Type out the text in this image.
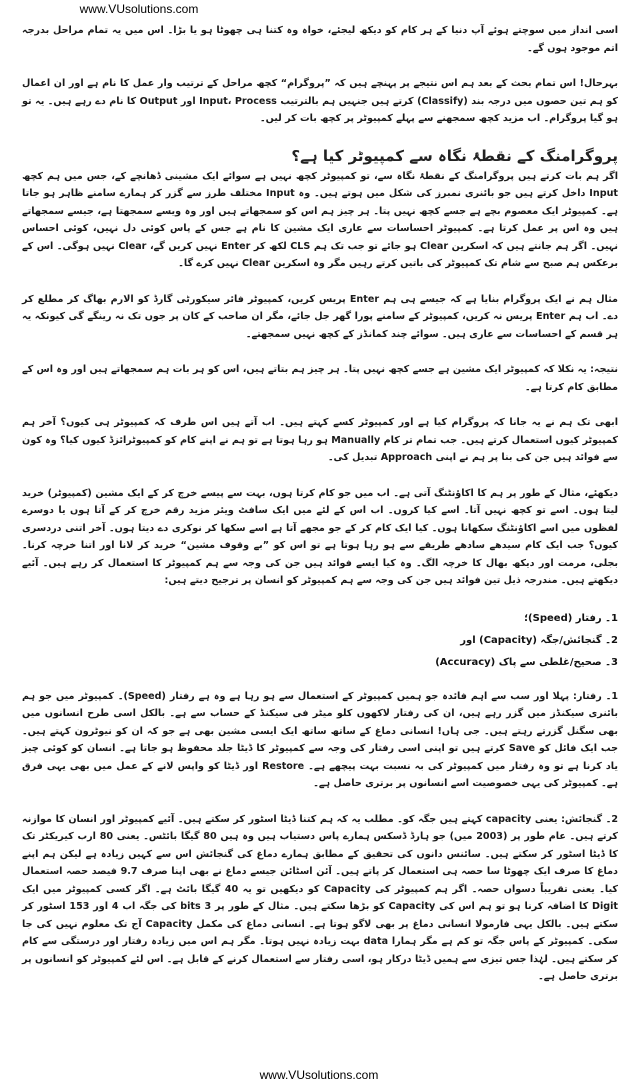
www.VUsolutions.com

اسی انداز میں سوچتے ہوئے آپ دنیا کے ہر کام کو دیکھ لیجئے، خواہ وہ کتنا ہی چھوٹا ہو یا بڑا۔ اس میں یہ تمام مراحل بدرجہ اتم موجود ہوں گے۔

بہرحال! اس تمام بحث کے بعد ہم اس نتیجے پر پہنچے ہیں کہ ”پروگرام“ کچھ مراحل کے ترتیب وار عمل کا نام ہے اور ان اعمال کو ہم تین حصوں میں درجہ بند (Classify) کرتے ہیں جنہیں ہم بالترتیب Input، Process اور Output کا نام دے رہے ہیں۔ یہ تو ہو گیا پروگرام۔ اب مزید کچھ سمجھنے سے پہلے کمپیوٹر پر کچھ بات کر لیں۔

پروگرامنگ کے نقطۂ نگاہ سے کمپیوٹر کیا ہے؟

اگر ہم بات کرتے ہیں پروگرامنگ کے نقطۂ نگاہ سے، تو کمپیوٹر کچھ نہیں ہے سوائے ایک مشینی ڈھانچے کے، جس میں ہم کچھ Input داخل کرتے ہیں جو بائنری نمبرز کی شکل میں ہوتے ہیں۔ وہ Input مختلف طرز سے گزر کر ہمارے سامنے ظاہر ہو جاتا ہے۔ کمپیوٹر ایک معصوم بچے ہے جسے کچھ نہیں پتا۔ ہر چیز ہم اس کو سمجھاتے ہیں اور وہ ویسے سمجھتا ہے، جیسے سمجھاتے ہیں وہ اس پر عمل کرتا ہے۔ کمپیوٹر احساسات سے عاری ایک مشین کا نام ہے جس کے پاس کوئی دل نہیں، کوئی احساس نہیں۔ اگر ہم جانتے ہیں کہ اسکرین Clear ہو جائے تو جب تک ہم CLS لکھ کر Enter نہیں کریں گے، Clear نہیں ہوگی۔ اس کے برعکس ہم صبح سے شام تک کمپیوٹر کی باتیں کرتے رہیں مگر وہ اسکرین Clear نہیں کرے گا۔

مثال ہم نے ایک پروگرام بنایا ہے کہ جیسے ہی ہم Enter پریس کریں، کمپیوٹر فائر سیکورٹی گارڈ کو الارم بھاگ کر مطلع کر دے۔ اب ہم Enter پریس نہ کریں، کمپیوٹر کے سامنے پورا گھر جل جائے، مگر ان صاحب کے کان پر جوں تک نہ رینگے گی کیونکہ یہ ہر قسم کے احساسات سے عاری ہیں۔ سوائے چند کمانڈز کے کچھ نہیں سمجھتے۔

نتیجہ: یہ نکلا کہ کمپیوٹر ایک مشین ہے جسے کچھ نہیں پتا۔ ہر چیز ہم بتاتے ہیں، اس کو ہر بات ہم سمجھاتے ہیں اور وہ اس کے مطابق کام کرتا ہے۔

ابھی تک ہم نے یہ جانا کہ پروگرام کیا ہے اور کمپیوٹر کسے کہتے ہیں۔ اب آتے ہیں اس طرف کہ کمپیوٹر ہی کیوں؟ آخر ہم کمپیوٹر کیوں استعمال کرتے ہیں۔ جب تمام تر کام Manually ہو رہا ہوتا ہے تو ہم نے اپنے کام کو کمپیوٹرائزڈ کیوں کیا؟ وہ کون سے فوائد ہیں جن کی بنا پر ہم نے اپنی Approach تبدیل کی۔

دیکھئے، مثال کے طور پر ہم کا اکاؤنٹنگ آتی ہے۔ اب میں جو کام کرتا ہوں، بہت سے پیسے خرچ کر کے ایک مشین (کمپیوٹر) خرید لیتا ہوں۔ اسے تو کچھ نہیں آتا۔ اسے کیا کروں۔ اب اس کے لئے میں ایک سافٹ ویئر مزید رقم خرچ کر کے آتا ہوں یا دوسرے لفظوں میں اسے اکاؤنٹنگ سکھانا ہوں۔ کیا ایک کام کر کے جو مجھے آتا ہے اسے سکھا کر نوکری دے دیتا ہوں۔ آخر اتنی دردسری کیوں؟ جب ایک کام سیدھے سادھے طریقے سے ہو رہا ہوتا ہے تو اس کو ”بے وقوف مشین“ خرید کر لانا اور اتنا خرچہ کرنا۔ بجلی، مرمت اور دیکھ بھال کا خرچہ الگ۔ وہ کیا ایسے فوائد ہیں جن کی وجہ سے ہم کمپیوٹر کا استعمال کر رہے ہیں۔ آئیے دیکھتے ہیں۔ مندرجہ ذیل تین فوائد ہیں جن کی وجہ سے ہم کمپیوٹر کو انسان پر ترجیح دیتے ہیں:

1۔ رفتار (Speed)؛
2۔ گنجائش/جگہ (Capacity) اور
3۔ صحیح/غلطی سے پاک (Accuracy)

1۔ رفتار: پہلا اور سب سے اہم فائدہ جو ہمیں کمپیوٹر کے استعمال سے ہو رہا ہے وہ ہے رفتار (Speed)۔ کمپیوٹر میں جو ہم بائنری سیکنڈز میں گزر رہے ہیں، ان کی رفتار لاکھوں کلو میٹر فی سیکنڈ کے حساب سے ہے۔ بالکل اسی طرح انسانوں میں بھی سگنل گزرتے رہتے ہیں۔ جی ہاں! انسانی دماغ کے ساتھ ساتھ ایک ایسی مشین بھی ہے جو کہ ان کو نیوٹرون کہتے ہیں۔ جب ایک فائل کو Save کرتے ہیں تو اپنی اسی رفتار کی وجہ سے کمپیوٹر کا ڈیٹا جلد محفوظ ہو جاتا ہے۔ انسان کو کوئی چیز یاد کرنا ہے تو وہ رفتار میں کمپیوٹر کی بہ نسبت بہت پیچھے ہے۔ Restore اور ڈیٹا کو واپس لانے کے عمل میں بھی یہی فرق ہے۔ کمپیوٹر کی یہی خصوصیت اسے انسانوں پر برتری حاصل ہے۔

2۔ گنجائش: یعنی capacity کہتے ہیں جگہ کو۔ مطلب یہ کہ ہم کتنا ڈیٹا اسٹور کر سکتے ہیں۔ آئیے کمپیوٹر اور انسان کا موازنہ کرتے ہیں۔ عام طور پر (2003 میں) جو ہارڈ ڈسکس ہمارے پاس دستیاب ہیں وہ ہیں 80 گیگا بائٹس۔ یعنی 80 ارب کیریکٹر تک کا ڈیٹا اسٹور کر سکتے ہیں۔ سائنس دانوں کی تحقیق کے مطابق ہمارے دماغ کی گنجائش اس سے کہیں زیادہ ہے لیکن ہم اپنے دماغ کا صرف ایک چھوٹا سا حصہ ہی استعمال کر پاتے ہیں۔ آئن اسٹائن جیسے دماغ نے بھی اپنا صرف 9.7 فیصد حصہ استعمال کیا۔ یعنی تقریباً دسواں حصہ۔ اگر ہم کمپیوٹر کی Capacity کو دیکھیں تو یہ 40 گیگا بائٹ ہے۔ اگر کسی کمپیوٹر میں ایک Digit کا اضافہ کرنا ہو تو ہم اس کی Capacity کو بڑھا سکتے ہیں۔ مثال کے طور پر 3 bits کی جگہ اب 4 اور 153 اسٹور کر سکتے ہیں۔ بالکل یہی فارمولا انسانی دماغ پر بھی لاگو ہوتا ہے۔ انسانی دماغ کی مکمل Capacity آج تک معلوم نہیں کی جا سکی۔ کمپیوٹر کے پاس جگہ تو کم ہے مگر ہمارا data بہت زیادہ نہیں ہوتا۔ مگر ہم اس میں زیادہ رفتار اور درستگی سے کام کر سکتے ہیں۔ لہٰذا جس تیزی سے ہمیں ڈیٹا درکار ہو، اسی رفتار سے استعمال کرنے کے قابل ہے۔ اس لئے کمپیوٹر کو انسانوں پر برتری حاصل ہے۔

www.VUsolutions.com
